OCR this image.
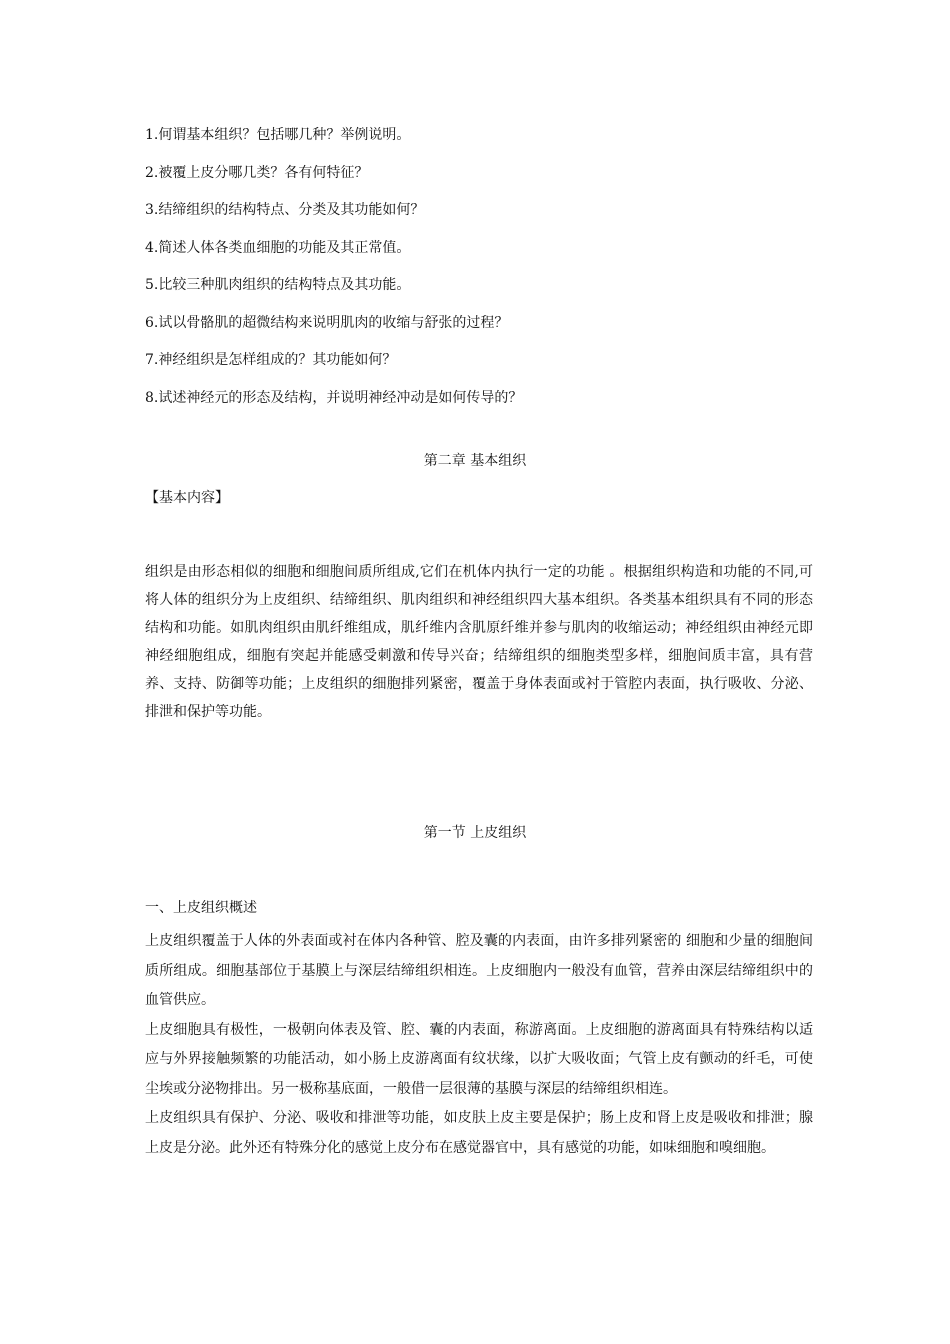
1.何谓基本组织？包括哪几种？举例说明。

2.被覆上皮分哪几类？各有何特征？

3.结缔组织的结构特点、分类及其功能如何？

4.简述人体各类血细胞的功能及其正常值。

5.比较三种肌肉组织的结构特点及其功能。

6.试以骨骼肌的超微结构来说明肌肉的收缩与舒张的过程？

7.神经组织是怎样组成的？其功能如何？

8.试述神经元的形态及结构，并说明神经冲动是如何传导的？

第二章 基本组织
【基本内容】
组织是由形态相似的细胞和细胞间质所组成,它们在机体内执行一定的功能 。根据组织构造和功能的不同,可将人体的组织分为上皮组织、结缔组织、肌肉组织和神经组织四大基本组织。各类基本组织具有不同的形态结构和功能。如肌肉组织由肌纤维组成，肌纤维内含肌原纤维并参与肌肉的收缩运动；神经组织由神经元即神经细胞组成，细胞有突起并能感受刺激和传导兴奋；结缔组织的细胞类型多样，细胞间质丰富，具有营养、支持、防御等功能；上皮组织的细胞排列紧密，覆盖于身体表面或衬于管腔内表面，执行吸收、分泌、排泄和保护等功能。
第一节 上皮组织
一、上皮组织概述

上皮组织覆盖于人体的外表面或衬在体内各种管、腔及囊的内表面，由许多排列紧密的 细胞和少量的细胞间质所组成。细胞基部位于基膜上与深层结缔组织相连。上皮细胞内一般没有血管，营养由深层结缔组织中的血管供应。

上皮细胞具有极性，一极朝向体表及管、腔、囊的内表面，称游离面。上皮细胞的游离面具有特殊结构以适应与外界接触频繁的功能活动，如小肠上皮游离面有纹状缘，以扩大吸收面；气管上皮有颤动的纤毛，可使尘埃或分泌物排出。另一极称基底面，一般借一层很薄的基膜与深层的结缔组织相连。

上皮组织具有保护、分泌、吸收和排泄等功能，如皮肤上皮主要是保护；肠上皮和肾上皮是吸收和排泄；腺上皮是分泌。此外还有特殊分化的感觉上皮分布在感觉器官中，具有感觉的功能，如味细胞和嗅细胞。
